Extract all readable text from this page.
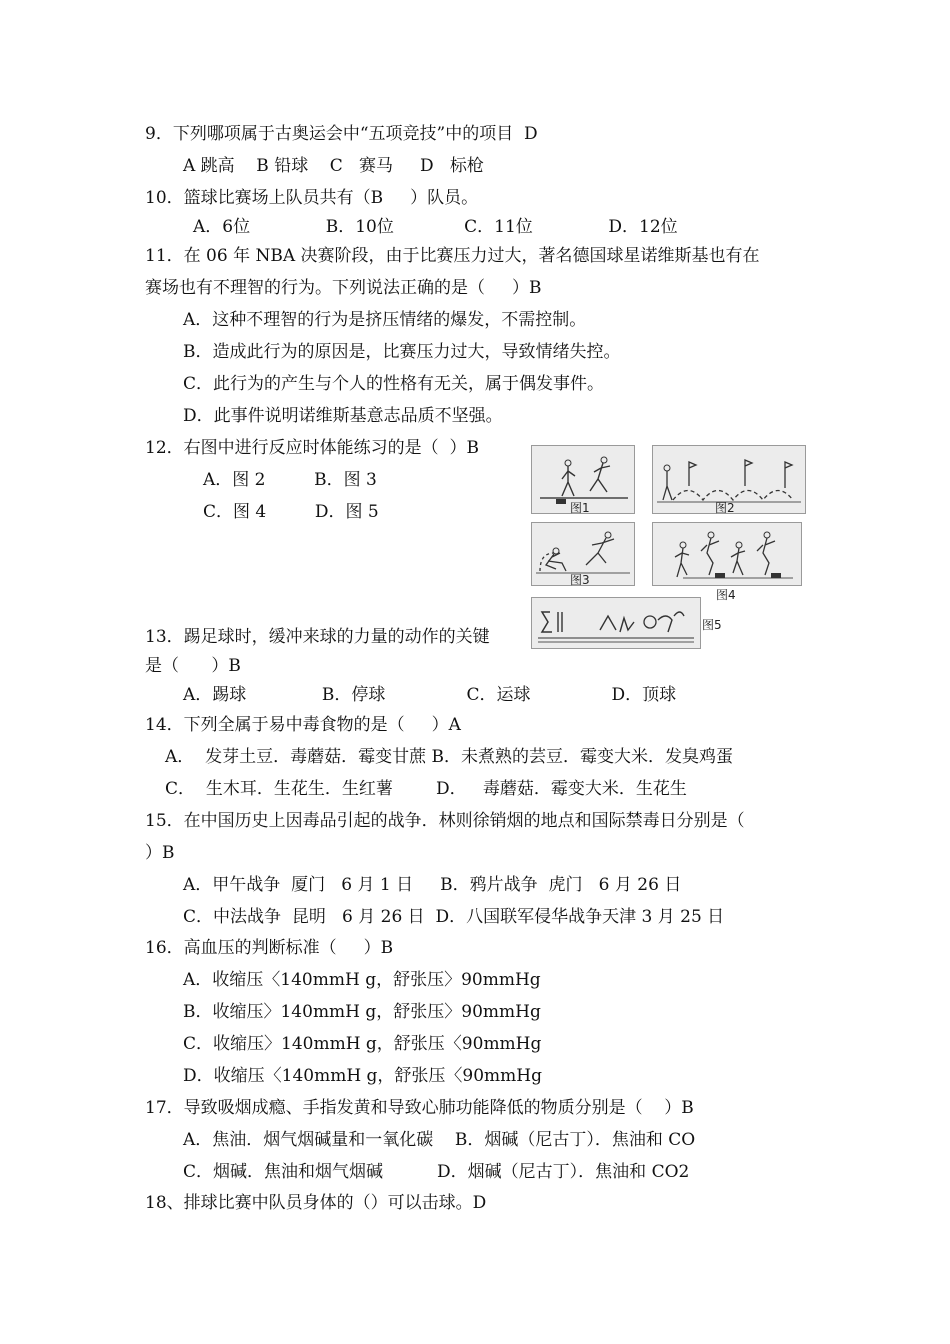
9．下列哪项属于古奥运会中“五项竞技”中的项目  D
A 跳高    B 铅球    C   赛马     D   标枪
10．篮球比赛场上队员共有（B     ）队员。
A．6位              B．10位             C．11位              D．12位
11．在 06 年 NBA 决赛阶段，由于比赛压力过大，著名德国球星诺维斯基也有在
赛场也有不理智的行为。下列说法正确的是（     ）B
A．这种不理智的行为是挤压情绪的爆发，不需控制。
B．造成此行为的原因是，比赛压力过大，导致情绪失控。
C．此行为的产生与个人的性格有无关，属于偶发事件。
D．此事件说明诺维斯基意志品质不坚强。
12．右图中进行反应时体能练习的是（  ）B
A．图 2         B．图 3
C．图 4         D．图 5	图1	图2
图3
图4
图5
13．踢足球时，缓冲来球的力量的动作的关键
是（      ）B
A．踢球              B．停球               C．运球               D．顶球
14．下列全属于易中毒食物的是（     ）A
A．  发芽土豆．毒蘑菇．霉变甘蔗 B．未煮熟的芸豆．霉变大米．发臭鸡蛋
C．  生木耳．生花生．生红薯        D．   毒蘑菇．霉变大米．生花生
15．在中国历史上因毒品引起的战争．林则徐销烟的地点和国际禁毒日分别是（
）B
A．甲午战争  厦门   6 月 1 日     B．鸦片战争  虎门   6 月 26 日
C．中法战争  昆明   6 月 26 日  D．八国联军侵华战争天津 3 月 25 日
16．高血压的判断标准（     ）B
A．收缩压〈140mmH g，舒张压〉90mmHg
B．收缩压〉140mmH g，舒张压〉90mmHg
C．收缩压〉140mmH g，舒张压〈90mmHg
D．收缩压〈140mmH g，舒张压〈90mmHg
17．导致吸烟成瘾、手指发黄和导致心肺功能降低的物质分别是（    ）B
A．焦油．烟气烟碱量和一氧化碳    B．烟碱（尼古丁）．焦油和 CO
C．烟碱．焦油和烟气烟碱          D．烟碱（尼古丁）．焦油和 CO2
18、排球比赛中队员身体的（）可以击球。D
